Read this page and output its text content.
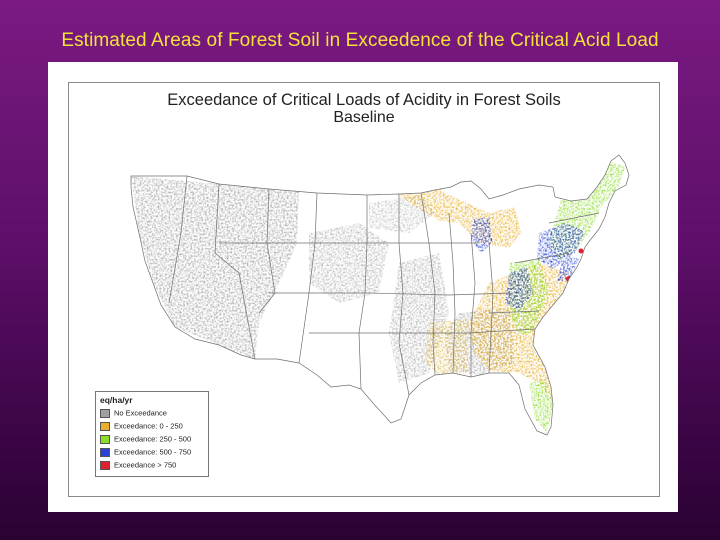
Estimated Areas of Forest Soil in Exceedence of the Critical Acid Load
Exceedance of Critical Loads of Acidity in Forest Soils
Baseline
eq/ha/yr
No Exceedance
Exceedance: 0 - 250
Exceedance: 250 - 500
Exceedance: 500 - 750
Exceedance > 750
